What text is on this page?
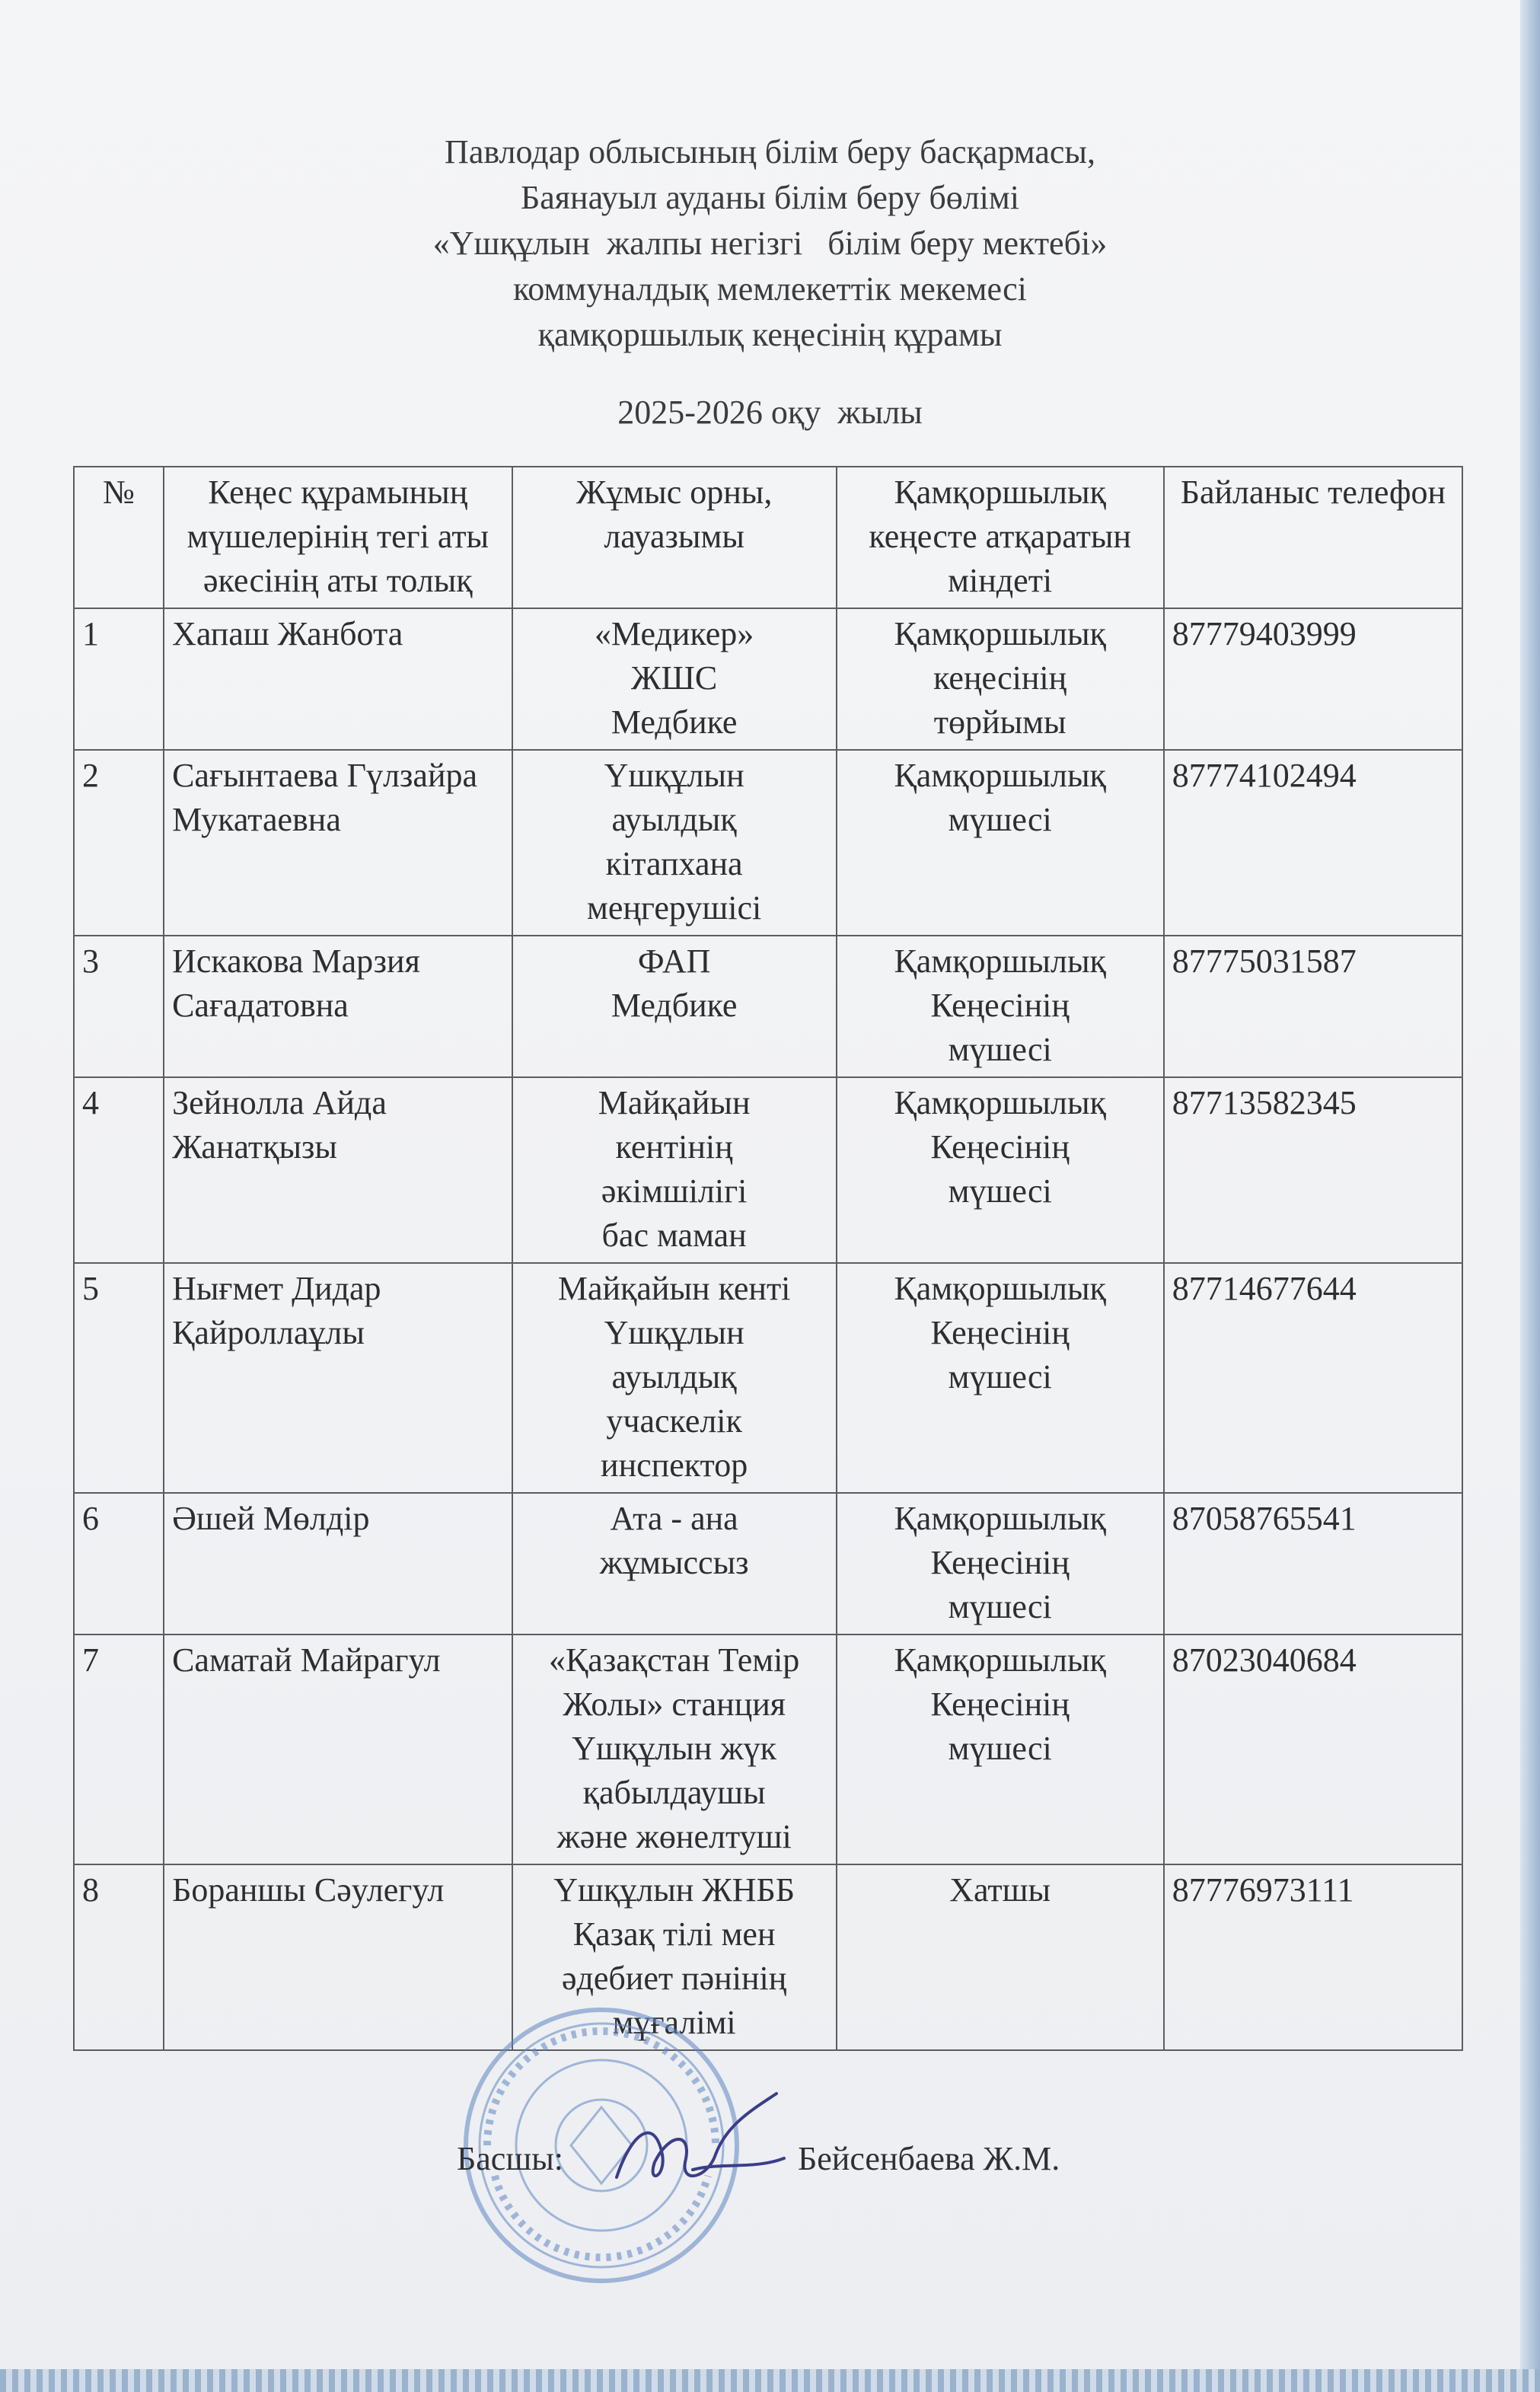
Павлодар облысының білім беру басқармасы,
Баянауыл ауданы білім беру бөлімі
«Үшқұлын  жалпы негізгі   білім беру мектебі»
коммуналдық мемлекеттік мекемесі
қамқоршылық кеңесінің құрамы
2025-2026 оқу  жылы
№	Кеңес құрамының мүшелерінің тегі аты әкесінің аты толық	Жұмыс орны, лауазымы	Қамқоршылық кеңесте атқаратын міндеті	Байланыс телефон
1	Хапаш Жанбота	«Медикер»
ЖШС
Медбике	Қамқоршылық
кеңесінің
төрйымы	87779403999
2	Сағынтаева Гүлзайра Мукатаевна	Үшқұлын
ауылдық
кітапхана
меңгерушісі	Қамқоршылық
мүшесі	87774102494
3	Искакова Марзия Сағадатовна	ФАП
Медбике	Қамқоршылық
Кеңесінің
мүшесі	87775031587
4	Зейнолла Айда Жанатқызы	Майқайын
кентінің
әкімшілігі
бас маман	Қамқоршылық
Кеңесінің
мүшесі	87713582345
5	Нығмет Дидар Қайроллаұлы	Майқайын кенті
Үшқұлын
ауылдық
учаскелік
инспектор	Қамқоршылық
Кеңесінің
мүшесі	87714677644
6	Әшей Мөлдір	Ата - ана
жұмыссыз	Қамқоршылық
Кеңесінің
мүшесі	87058765541
7	Саматай Майрагул	«Қазақстан Темір
Жолы» станция
Үшқұлын жүк
қабылдаушы
және жөнелтуші	Қамқоршылық
Кеңесінің
мүшесі	87023040684
8	Бораншы Сәулегул	Үшқұлын ЖНББ
Қазақ тілі мен
әдебиет пәнінің
мұғалімі	Хатшы	87776973111
Басшы:	Бейсенбаева Ж.М.
